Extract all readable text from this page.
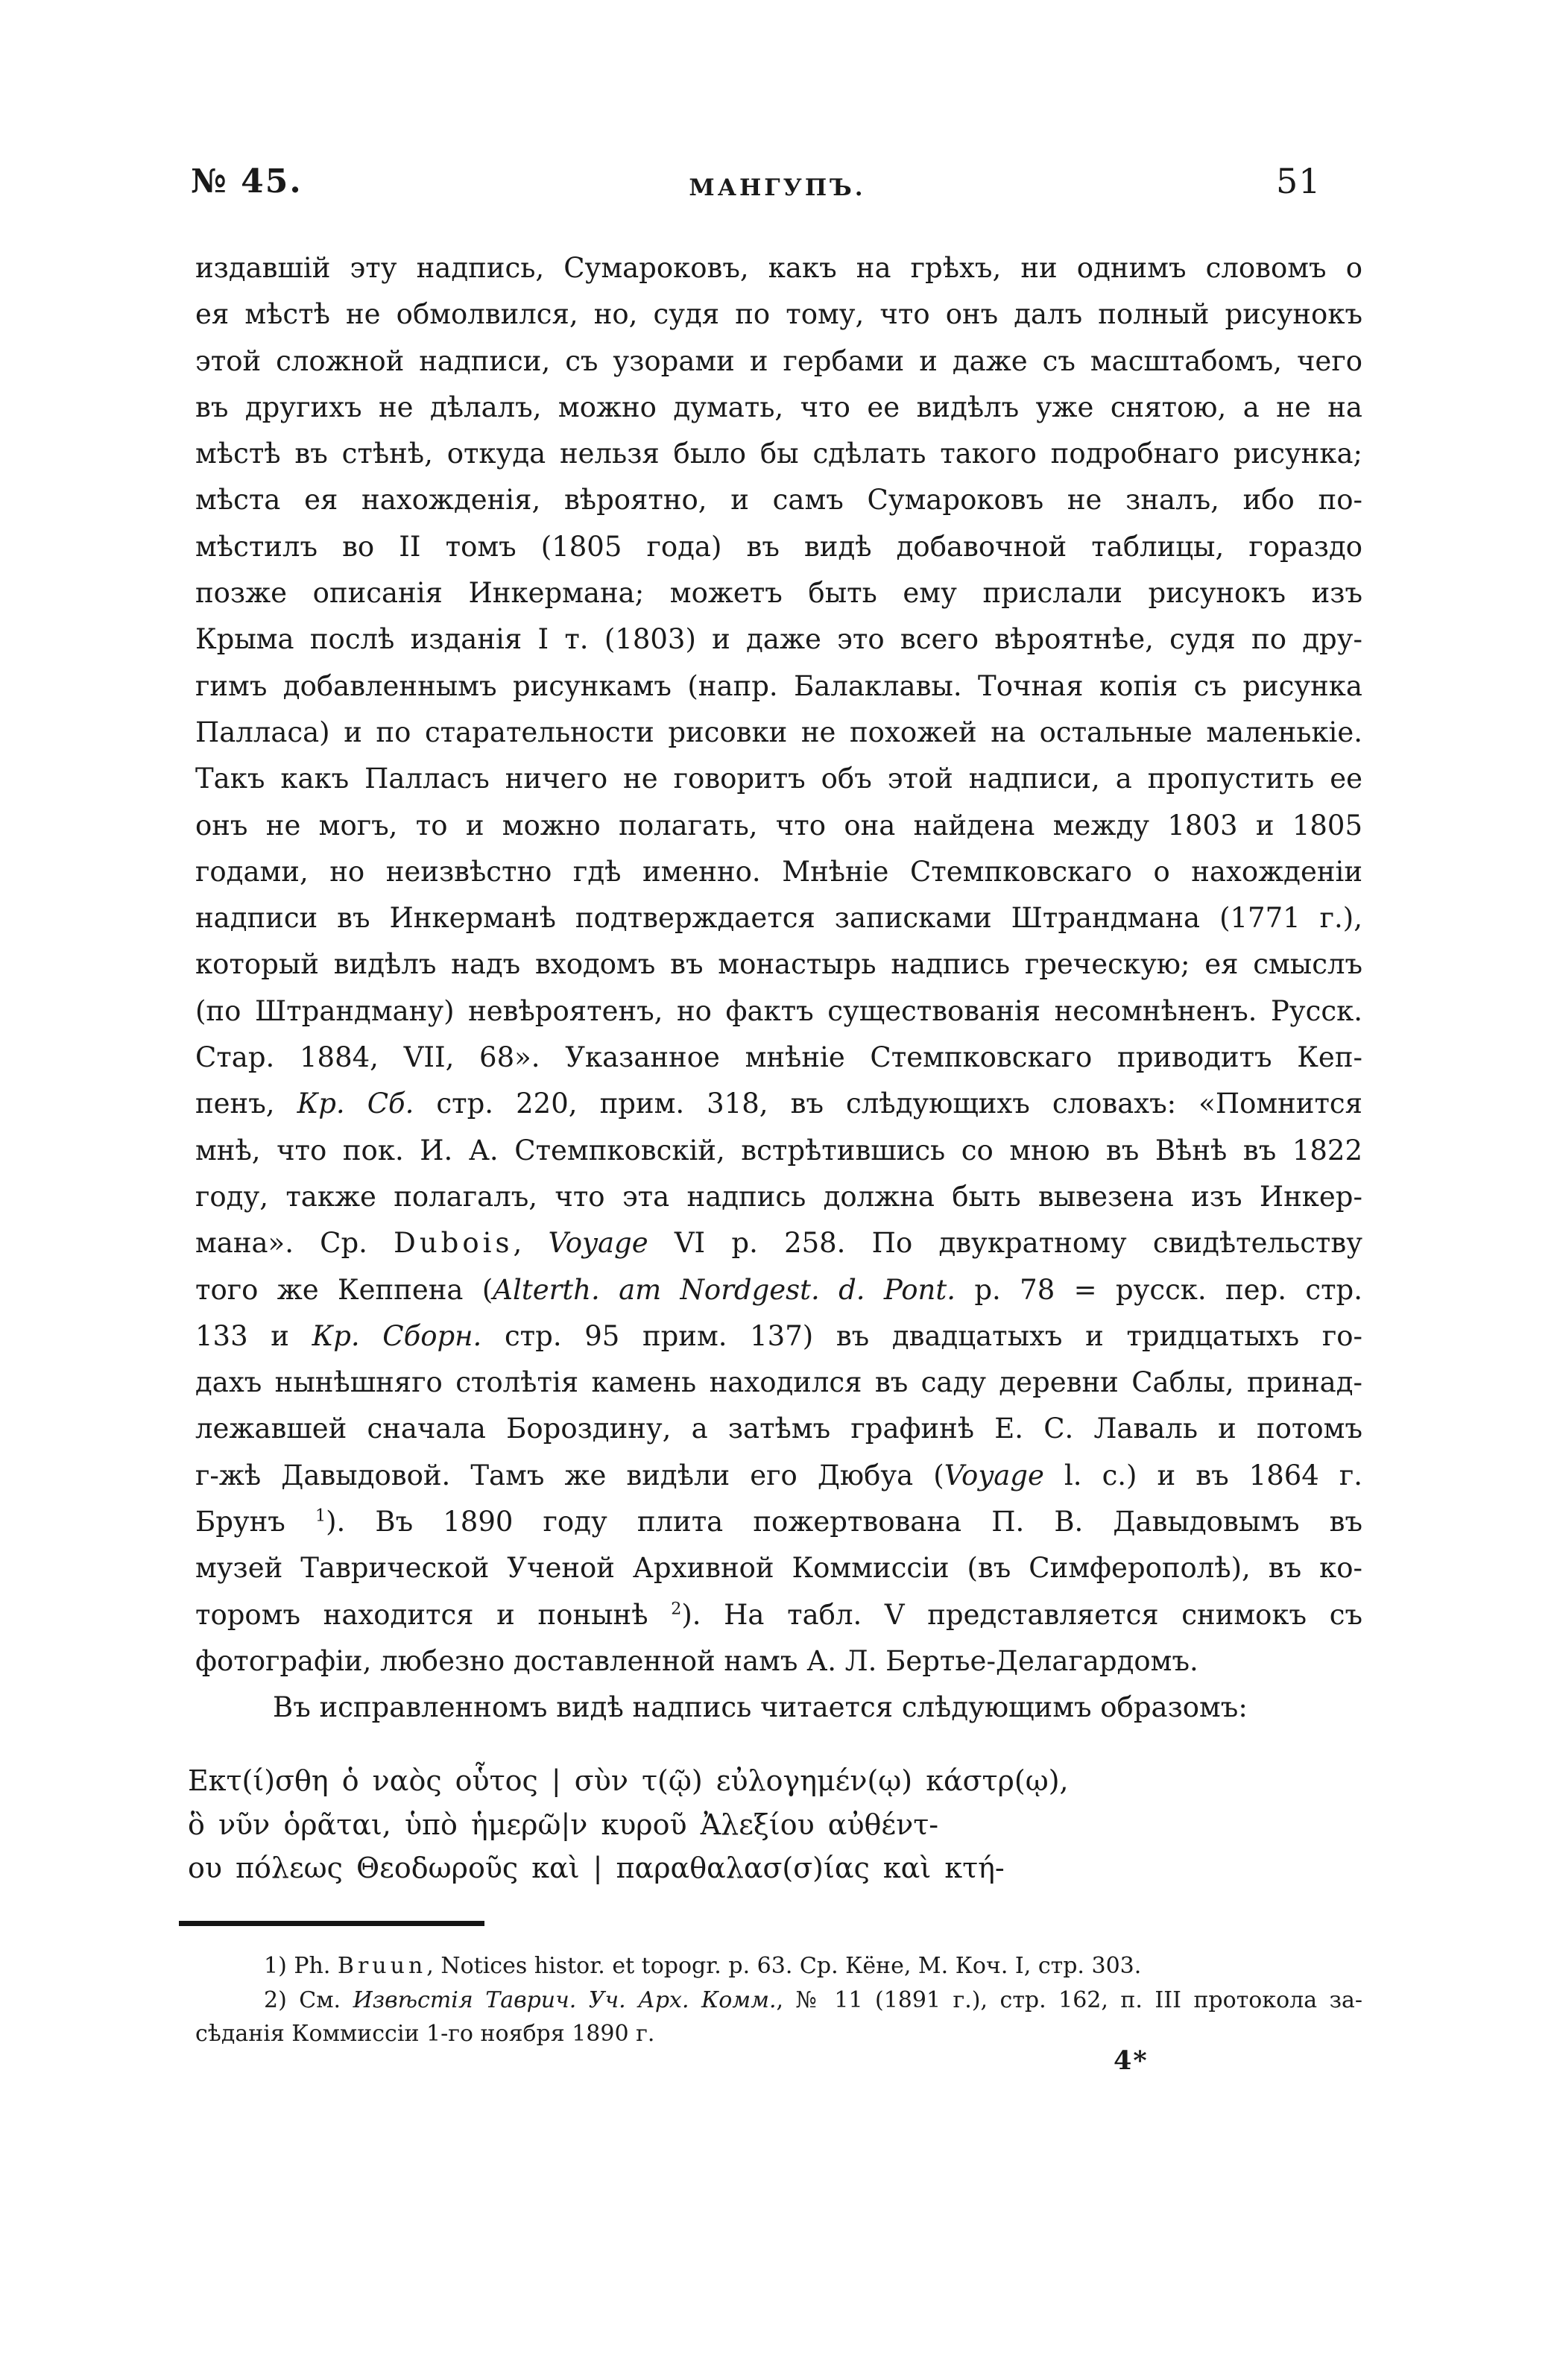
№ 45.	МАНГУПЪ.	51
издавшій эту надпись, Сумароковъ, какъ на грѣхъ, ни однимъ словомъ о
ея мѣстѣ не обмолвился, но, судя по тому, что онъ далъ полный рисунокъ
этой сложной надписи, съ узорами и гербами и даже съ масштабомъ, чего
въ другихъ не дѣлалъ, можно думать, что ее видѣлъ уже снятою, а не на
мѣстѣ въ стѣнѣ, откуда нельзя было бы сдѣлать такого подробнаго рисунка;
мѣста ея нахожденія, вѣроятно, и самъ Сумароковъ не зналъ, ибо по-
мѣстилъ во II томъ (1805 года) въ видѣ добавочной таблицы, гораздо
позже описанія Инкермана; можетъ быть ему прислали рисунокъ изъ
Крыма послѣ изданія I т. (1803) и даже это всего вѣроятнѣе, судя по дру-
гимъ добавленнымъ рисункамъ (напр. Балаклавы. Точная копія съ рисунка
Палласа) и по старательности рисовки не похожей на остальные маленькіе.
Такъ какъ Палласъ ничего не говоритъ объ этой надписи, а пропустить ее
онъ не могъ, то и можно полагать, что она найдена между 1803 и 1805
годами, но неизвѣстно гдѣ именно. Мнѣніе Стемпковскаго о нахожденіи
надписи въ Инкерманѣ подтверждается записками Штрандмана (1771 г.),
который видѣлъ надъ входомъ въ монастырь надпись греческую; ея смыслъ
(по Штрандману) невѣроятенъ, но фактъ существованія несомнѣненъ. Русск.
Стар. 1884, VII, 68». Указанное мнѣніе Стемпковскаго приводитъ Кеп-
пенъ, Кр. Сб. стр. 220, прим. 318, въ слѣдующихъ словахъ: «Помнится
мнѣ, что пок. И. А. Стемпковскій, встрѣтившись со мною въ Вѣнѣ въ 1822
году, также полагалъ, что эта надпись должна быть вывезена изъ Инкер-
мана». Ср. Dubois, Voyage VI p. 258. По двукратному свидѣтельству
того же Кеппена (Alterth. am Nordgest. d. Pont. p. 78 = русск. пер. стр.
133 и Кр. Сборн. стр. 95 прим. 137) въ двадцатыхъ и тридцатыхъ го-
дахъ нынѣшняго столѣтія камень находился въ саду деревни Саблы, принад-
лежавшей сначала Бороздину, а затѣмъ графинѣ Е. С. Лаваль и потомъ
г-жѣ Давыдовой. Тамъ же видѣли его Дюбуа (Voyage l. c.) и въ 1864 г.
Брунъ $^1$). Въ 1890 году плита пожертвована П. В. Давыдовымъ въ
музей Таврической Ученой Архивной Коммиссіи (въ Симферополѣ), въ ко-
торомъ находится и понынѣ $^2$). На табл. V представляется снимокъ съ
фотографіи, любезно доставленной намъ А. Л. Бертье-Делагардомъ.
Въ исправленномъ видѣ надпись читается слѣдующимъ образомъ:
Εκτ(ί)σθη ὁ ναὸς οὗτος | σὺν τ(ῷ) εὐλογημέν(ῳ) κάστρ(ῳ),
ὃ νῦν ὁρᾶται, ὑπὸ ἡμερῶ|ν κυροῦ Ἀλεξίου αὐθέντ-
ου πόλεως Θεοδωροῦς καὶ | παραθαλασ(σ)ίας καὶ κτή-
1) Ph. Bruun, Notices histor. et topogr. p. 63. Ср. Кёне, М. Коч. I, стр. 303.
2) См. Извѣстія Таврич. Уч. Арх. Комм., № 11 (1891 г.), стр. 162, п. III протокола за-
сѣданія Коммиссіи 1-го ноября 1890 г.
4*
